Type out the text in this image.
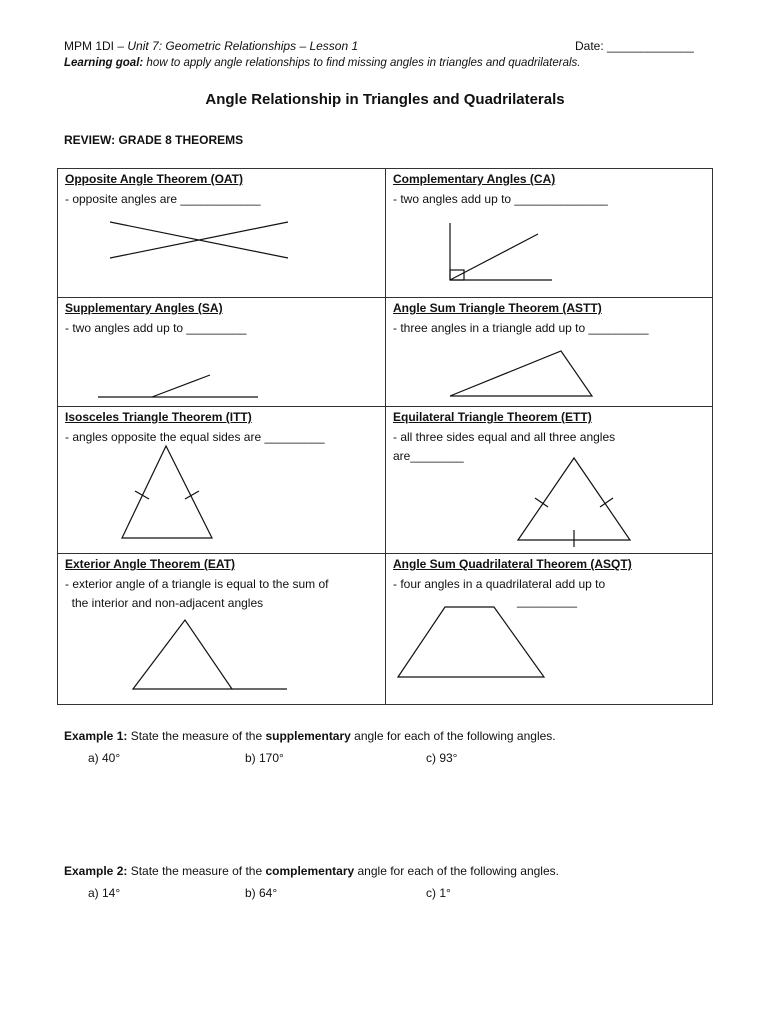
MPM 1DI – Unit 7: Geometric Relationships – Lesson 1	Date: _____________
Learning goal: how to apply angle relationships to find missing angles in triangles and quadrilaterals.
Angle Relationship in Triangles and Quadrilaterals
REVIEW: GRADE 8 THEOREMS
Opposite Angle Theorem (OAT)
- opposite angles are ____________
Complementary Angles (CA)
- two angles add up to ______________
Supplementary Angles (SA)
- two angles add up to _________
Angle Sum Triangle Theorem (ASTT)
- three angles in a triangle add up to _________
Isosceles Triangle Theorem (ITT)
- angles opposite the equal sides are _________
Equilateral Triangle Theorem (ETT)
- all three sides equal and all three angles
are________
Exterior Angle Theorem (EAT)
- exterior angle of a triangle is equal to the sum of
the interior and non-adjacent angles
Angle Sum Quadrilateral Theorem (ASQT)
- four angles in a quadrilateral add up to
_________
Example 1: State the measure of the supplementary angle for each of the following angles.
a) 40°	b) 170°	c) 93°
Example 2: State the measure of the complementary angle for each of the following angles.
a) 14°	b) 64°	c) 1°
